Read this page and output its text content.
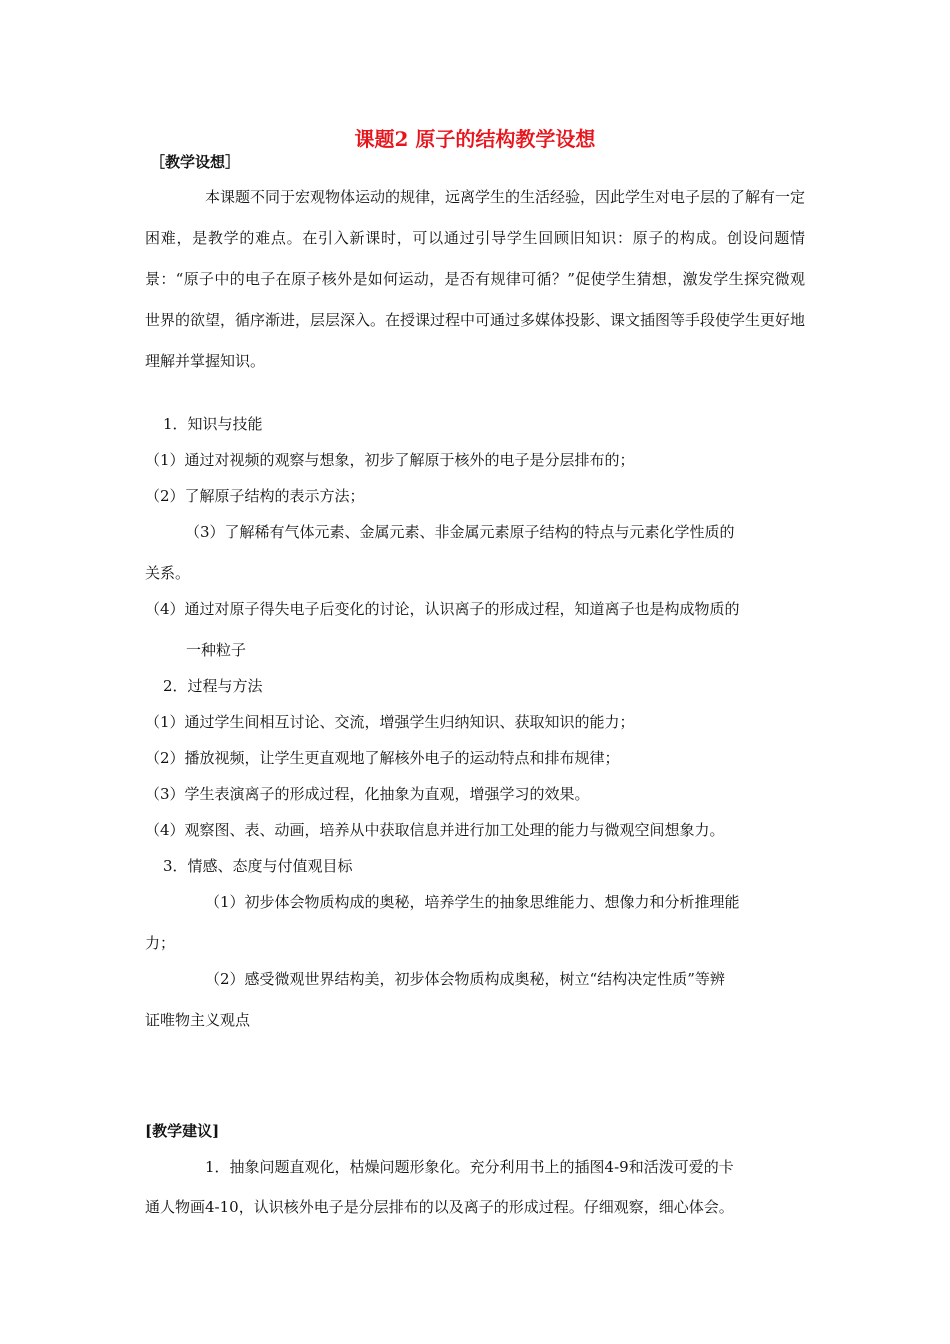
课题2 原子的结构教学设想

［教学设想］

本课题不同于宏观物体运动的规律，远离学生的生活经验，因此学生对电子层的了解有一定困难，是教学的难点。在引入新课时，可以通过引导学生回顾旧知识：原子的构成。创设问题情景：“原子中的电子在原子核外是如何运动，是否有规律可循？”促使学生猜想，激发学生探究微观世界的欲望，循序渐进，层层深入。在授课过程中可通过多媒体投影、课文插图等手段使学生更好地理解并掌握知识。

1．知识与技能

（1）通过对视频的观察与想象，初步了解原于核外的电子是分层排布的；

（2）了解原子结构的表示方法；

（3）了解稀有气体元素、金属元素、非金属元素原子结构的特点与元素化学性质的

关系。

（4）通过对原子得失电子后变化的讨论，认识离子的形成过程，知道离子也是构成物质的

一种粒子

2．过程与方法

（1）通过学生间相互讨论、交流，增强学生归纳知识、获取知识的能力；

（2）播放视频，让学生更直观地了解核外电子的运动特点和排布规律；

（3）学生表演离子的形成过程，化抽象为直观，增强学习的效果。

（4）观察图、表、动画，培养从中获取信息并进行加工处理的能力与微观空间想象力。

3．情感、态度与付值观目标

（1）初步体会物质构成的奥秘，培养学生的抽象思维能力、想像力和分析推理能

力；

（2）感受微观世界结构美，初步体会物质构成奥秘，树立“结构决定性质”等辨

证唯物主义观点

[教学建议]

1．抽象问题直观化，枯燥问题形象化。充分利用书上的插图4-9和活泼可爱的卡

通人物画4-10，认识核外电子是分层排布的以及离子的形成过程。仔细观察，细心体会。
